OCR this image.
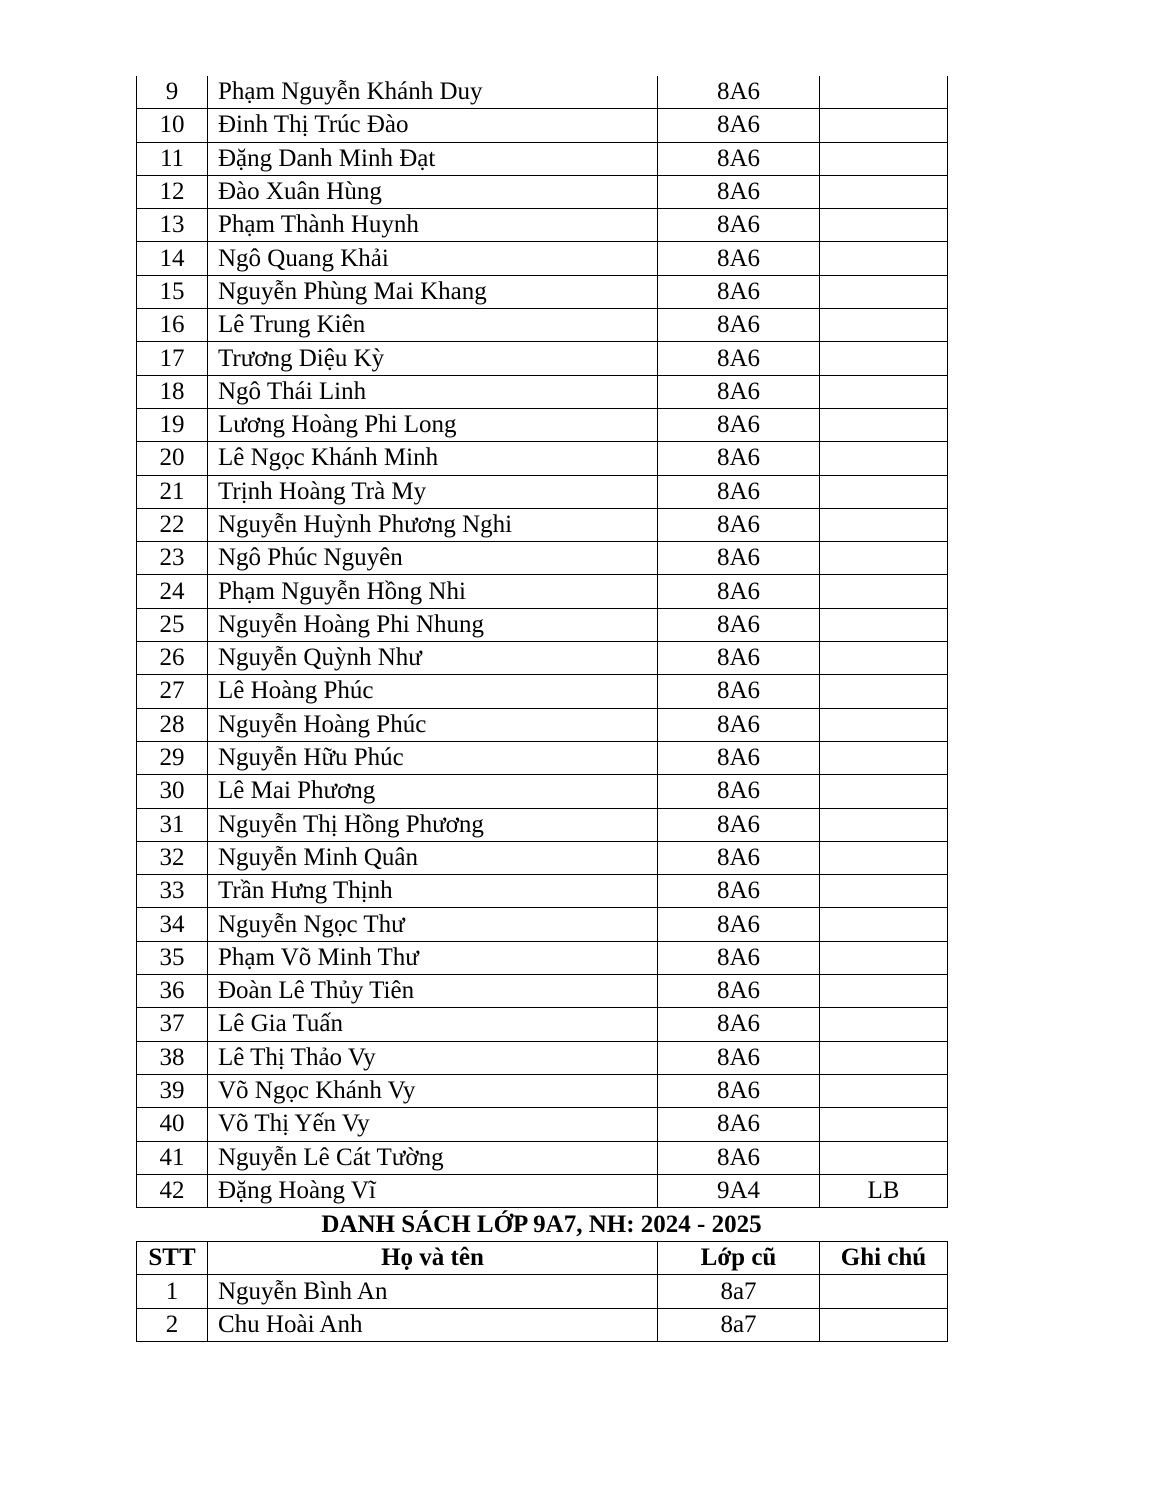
9	Phạm Nguyễn Khánh Duy	8A6	
10	Đinh Thị Trúc Đào	8A6	
11	Đặng Danh Minh Đạt	8A6	
12	Đào Xuân Hùng	8A6	
13	Phạm Thành Huynh	8A6	
14	Ngô Quang Khải	8A6	
15	Nguyễn Phùng Mai Khang	8A6	
16	Lê Trung Kiên	8A6	
17	Trương Diệu Kỳ	8A6	
18	Ngô Thái Linh	8A6	
19	Lương Hoàng Phi Long	8A6	
20	Lê Ngọc Khánh Minh	8A6	
21	Trịnh Hoàng Trà My	8A6	
22	Nguyễn Huỳnh Phương Nghi	8A6	
23	Ngô Phúc Nguyên	8A6	
24	Phạm Nguyễn Hồng Nhi	8A6	
25	Nguyễn Hoàng Phi Nhung	8A6	
26	Nguyễn Quỳnh Như	8A6	
27	Lê Hoàng Phúc	8A6	
28	Nguyễn Hoàng Phúc	8A6	
29	Nguyễn Hữu Phúc	8A6	
30	Lê Mai Phương	8A6	
31	Nguyễn Thị Hồng Phương	8A6	
32	Nguyễn Minh Quân	8A6	
33	Trần Hưng Thịnh	8A6	
34	Nguyễn Ngọc Thư	8A6	
35	Phạm Võ Minh Thư	8A6	
36	Đoàn Lê Thủy Tiên	8A6	
37	Lê Gia Tuấn	8A6	
38	Lê Thị Thảo Vy	8A6	
39	Võ Ngọc Khánh Vy	8A6	
40	Võ Thị Yến Vy	8A6	
41	Nguyễn Lê Cát Tường	8A6	
42	Đặng Hoàng Vĩ	9A4	LB
DANH SÁCH LỚP 9A7, NH: 2024 - 2025
STT	Họ và tên	Lớp cũ	Ghi chú
1	Nguyễn Bình An	8a7	
2	Chu Hoài Anh	8a7	
